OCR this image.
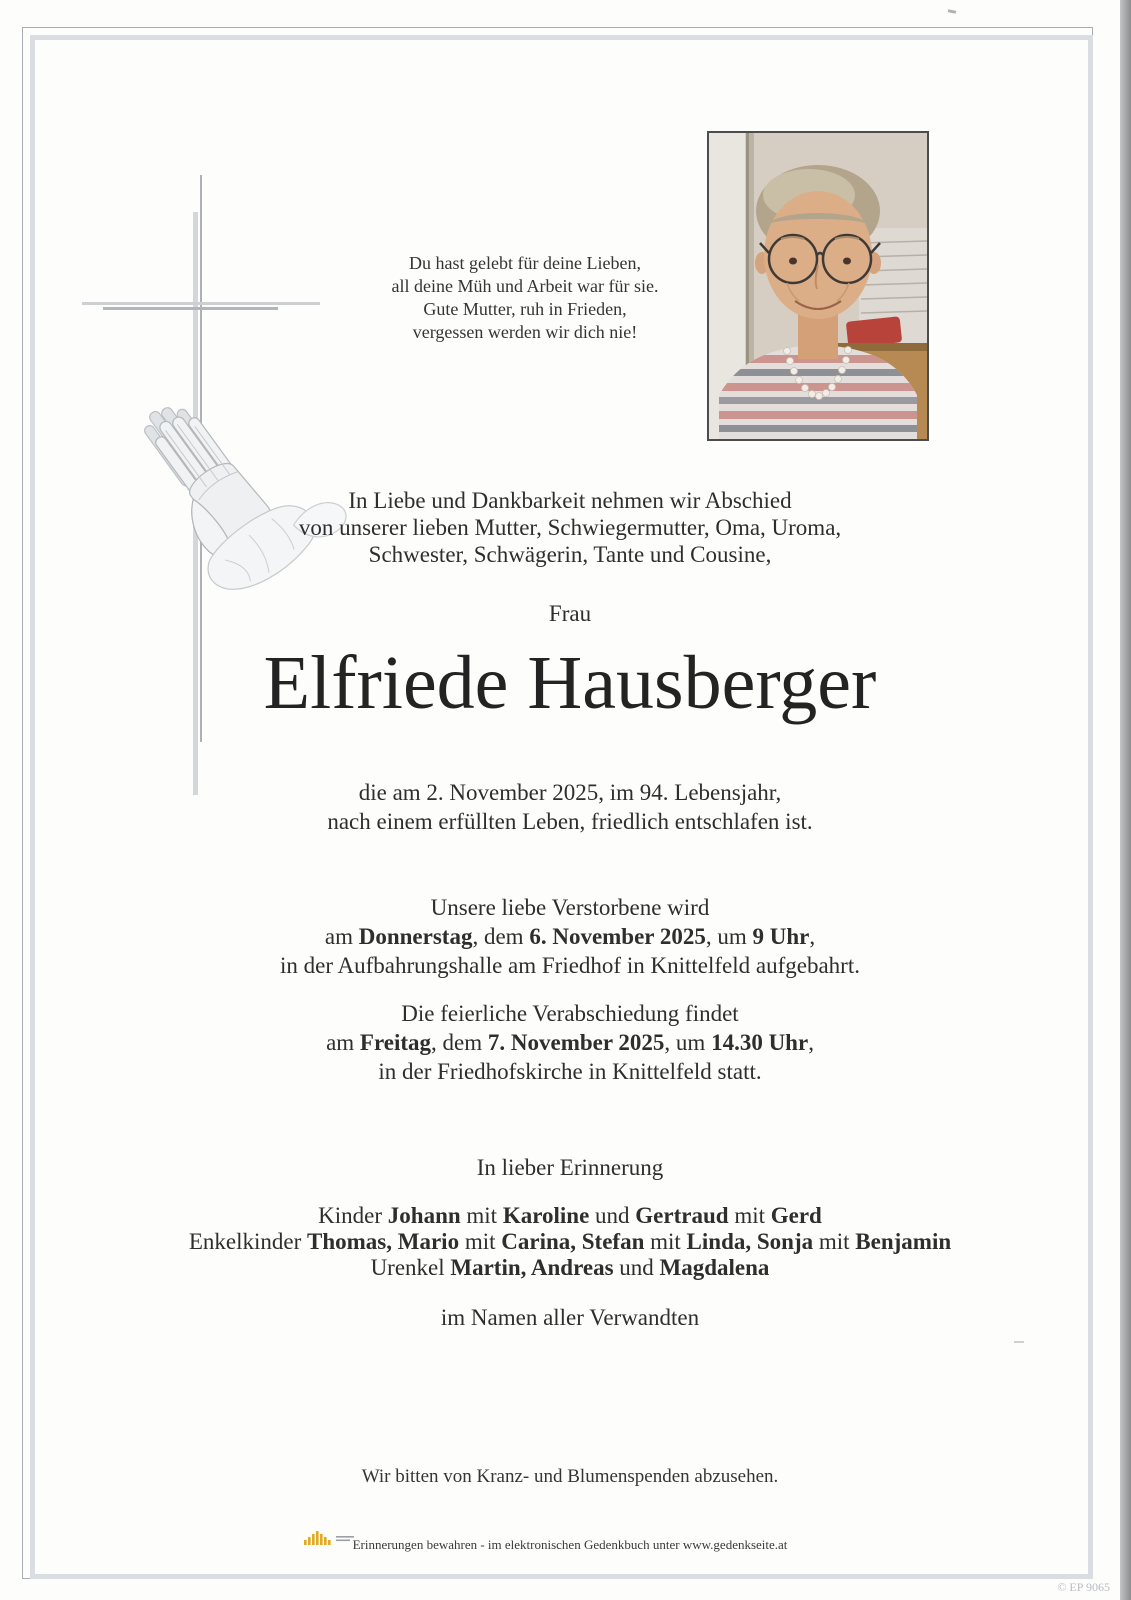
Du hast gelebt für deine Lieben,
all deine Müh und Arbeit war für sie.
Gute Mutter, ruh in Frieden,
vergessen werden wir dich nie!
In Liebe und Dankbarkeit nehmen wir Abschied
von unserer lieben Mutter, Schwiegermutter, Oma, Uroma,
Schwester, Schwägerin, Tante und Cousine,
Frau
Elfriede Hausberger
die am 2. November 2025, im 94. Lebensjahr,
nach einem erfüllten Leben, friedlich entschlafen ist.
Unsere liebe Verstorbene wird
am Donnerstag, dem 6. November 2025, um 9 Uhr,
in der Aufbahrungshalle am Friedhof in Knittelfeld aufgebahrt.
Die feierliche Verabschiedung findet
am Freitag, dem 7. November 2025, um 14.30 Uhr,
in der Friedhofskirche in Knittelfeld statt.
In lieber Erinnerung
Kinder Johann mit Karoline und Gertraud mit Gerd
Enkelkinder Thomas, Mario mit Carina, Stefan mit Linda, Sonja mit Benjamin
Urenkel Martin, Andreas und Magdalena
im Namen aller Verwandten
Wir bitten von Kranz- und Blumenspenden abzusehen.
Erinnerungen bewahren - im elektronischen Gedenkbuch unter www.gedenkseite.at
© EP 9065
